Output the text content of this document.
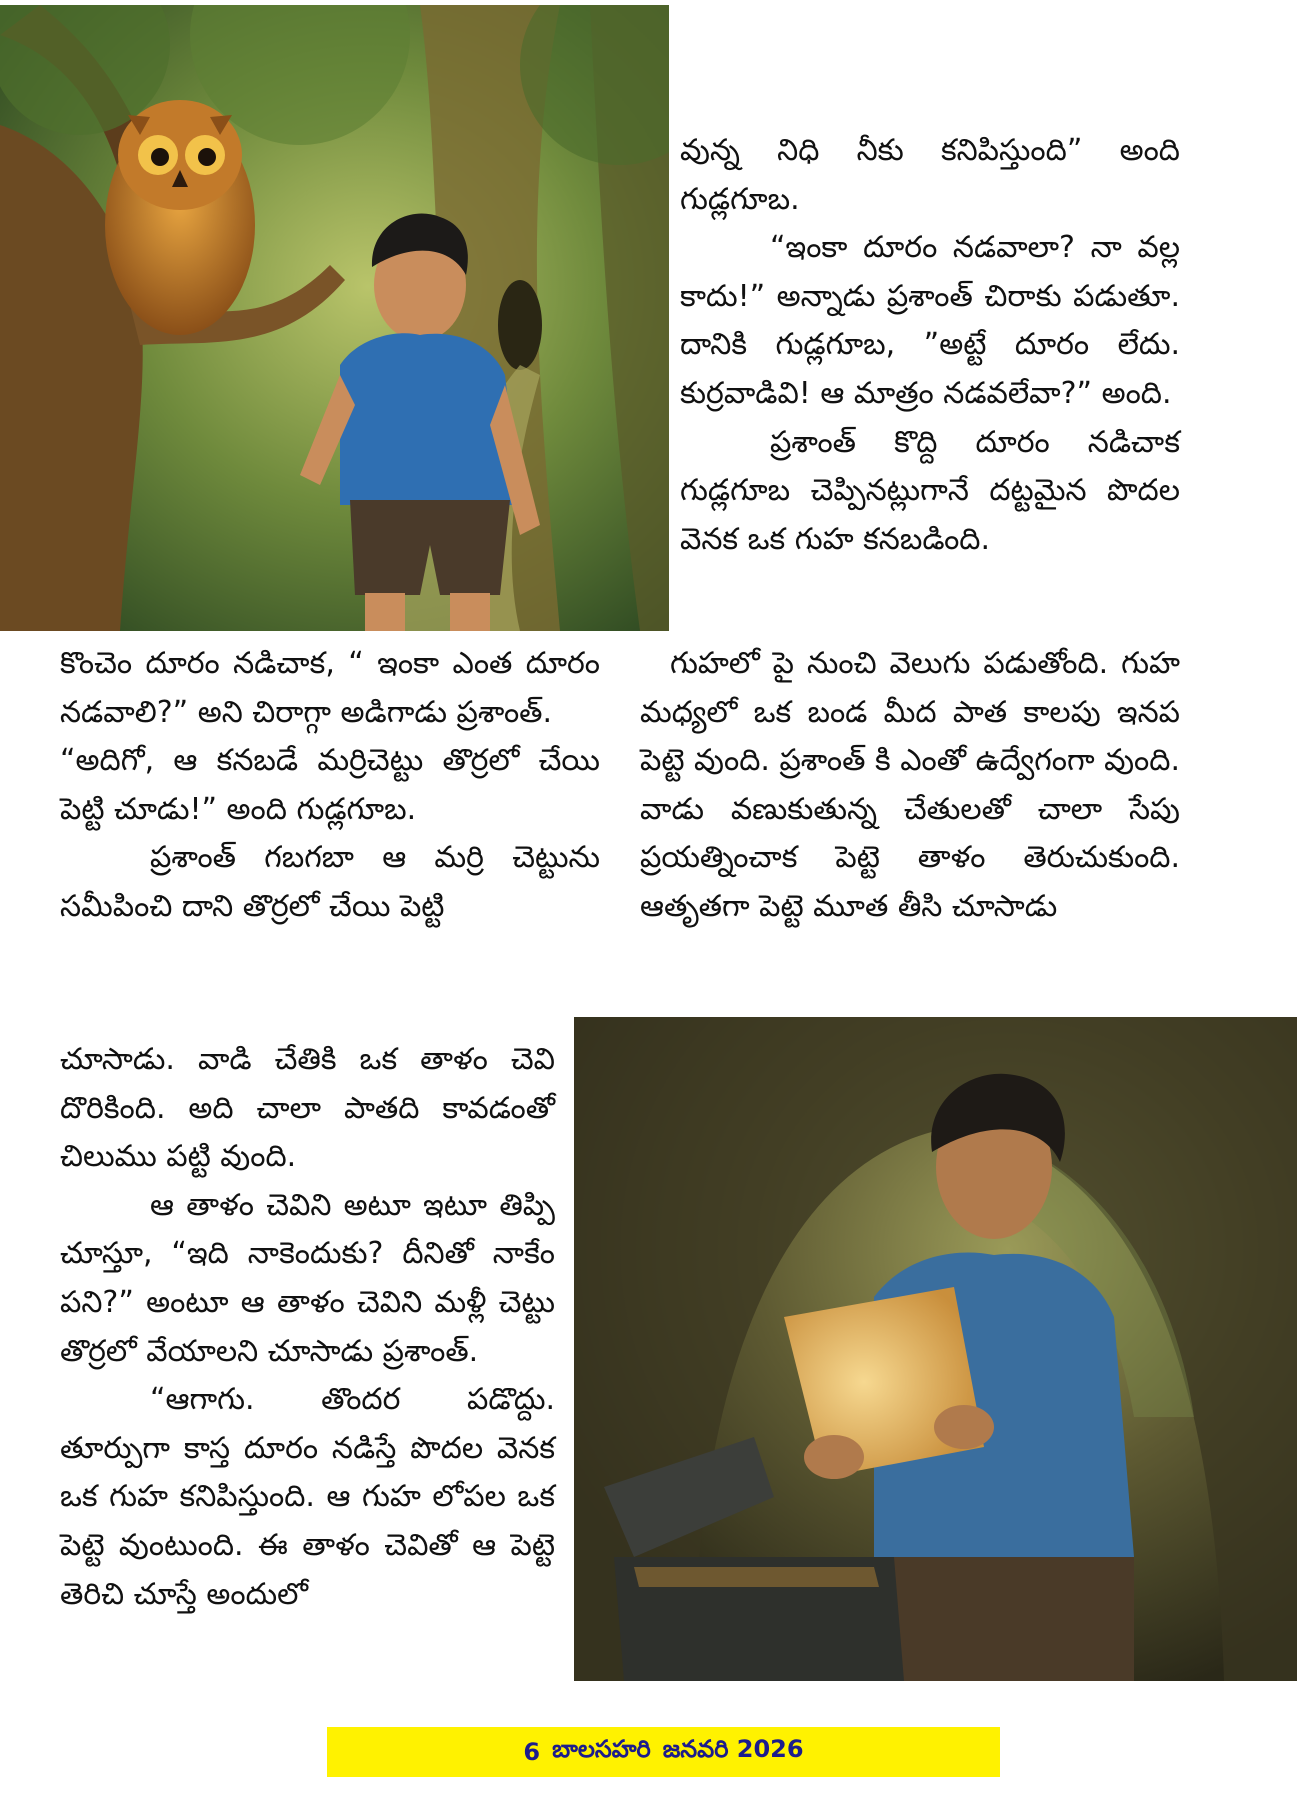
వున్న నిధి నీకు కనిపిస్తుంది” అంది గుడ్లగూబ.

“ఇంకా దూరం నడవాలా? నా వల్ల కాదు!” అన్నాడు ప్రశాంత్ చిరాకు పడుతూ. దానికి గుడ్లగూబ, ”అట్టే దూరం లేదు. కుర్రవాడివి! ఆ మాత్రం నడవలేవా?” అంది.

ప్రశాంత్ కొద్ది దూరం నడిచాక గుడ్లగూబ చెప్పినట్లుగానే దట్టమైన పొదల వెనక ఒక గుహ కనబడింది.

గుహలో పై నుంచి వెలుగు పడుతోంది. గుహ మధ్యలో ఒక బండ మీద పాత కాలపు ఇనప పెట్టె వుంది. ప్రశాంత్ కి ఎంతో ఉద్వేగంగా వుంది. వాడు వణుకుతున్న చేతులతో చాలా సేపు ప్రయత్నించాక పెట్టె తాళం తెరుచుకుంది. ఆతృతగా పెట్టె మూత తీసి చూసాడు

కొంచెం దూరం నడిచాక, “ ఇంకా ఎంత దూరం నడవాలి?” అని చిరాగ్గా అడిగాడు ప్రశాంత్.

“అదిగో, ఆ కనబడే మర్రిచెట్టు తొర్రలో చేయి పెట్టి చూడు!” అంది గుడ్లగూబ.

ప్రశాంత్ గబగబా ఆ మర్రి చెట్టును సమీపించి దాని తొర్రలో చేయి పెట్టి

చూసాడు. వాడి చేతికి ఒక తాళం చెవి దొరికింది. అది చాలా పాతది కావడంతో చిలుము పట్టి వుంది.

ఆ తాళం చెవిని అటూ ఇటూ తిప్పి చూస్తూ, “ఇది నాకెందుకు? దీనితో నాకేం పని?” అంటూ ఆ తాళం చెవిని మళ్లీ చెట్టు తొర్రలో వేయాలని చూసాడు ప్రశాంత్.

“ఆగాగు. తొందర పడొద్దు. తూర్పుగా కాస్త దూరం నడిస్తే పొదల వెనక ఒక గుహ కనిపిస్తుంది. ఆ గుహ లోపల ఒక పెట్టె వుంటుంది. ఈ తాళం చెవితో ఆ పెట్టె తెరిచి చూస్తే అందులో

6 బాలసహరి జనవరి 2026
